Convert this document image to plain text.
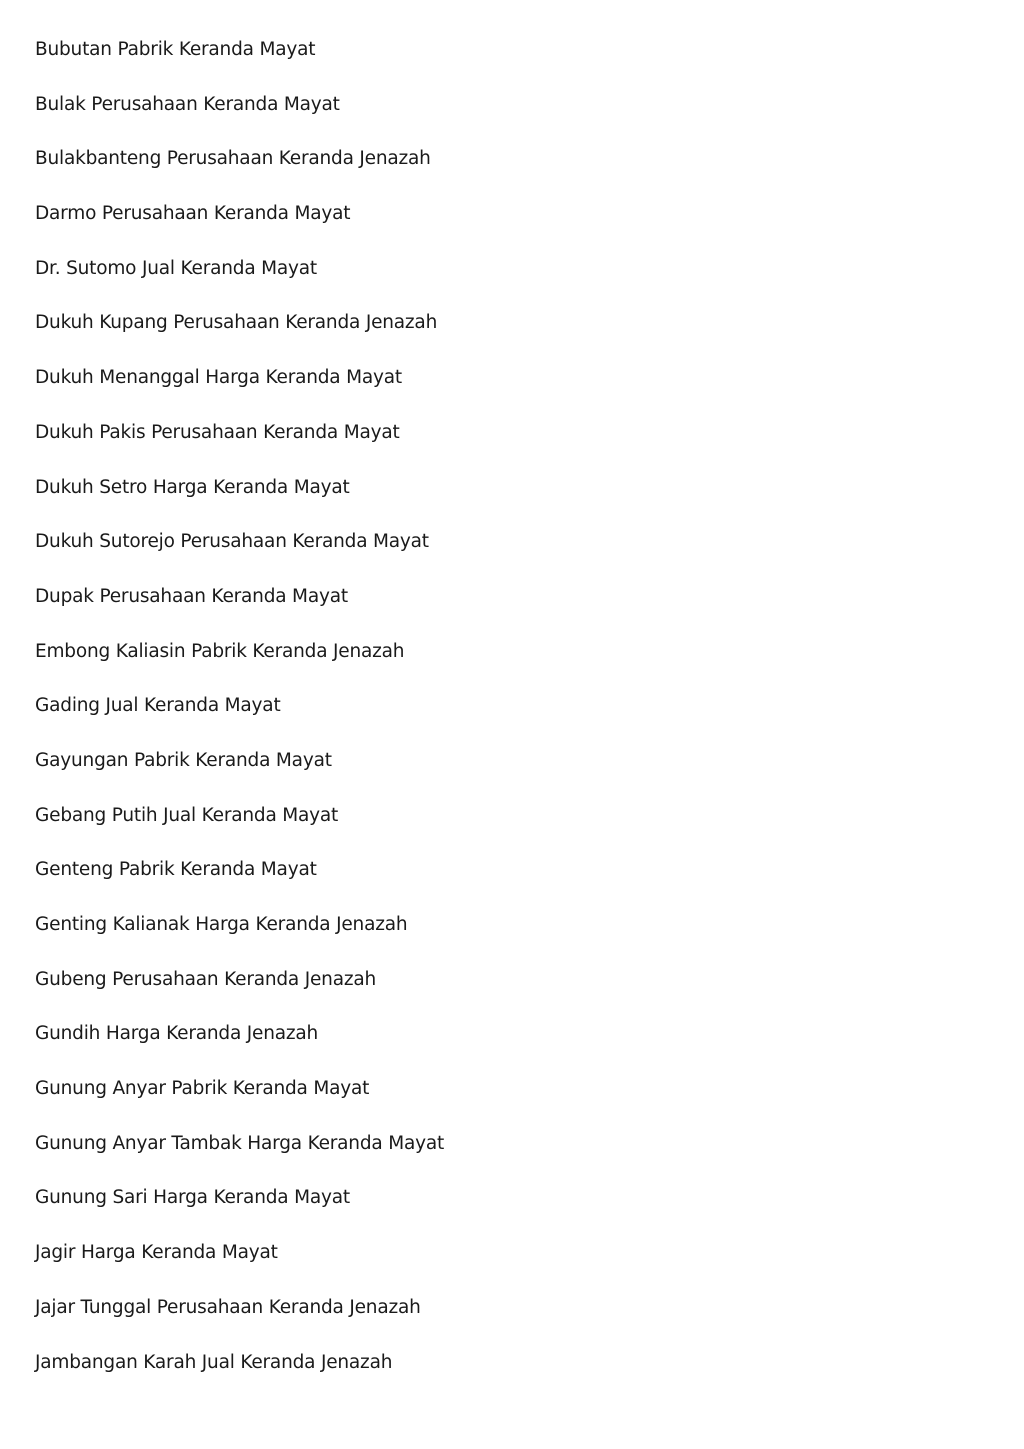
Bubutan Pabrik Keranda Mayat
Bulak Perusahaan Keranda Mayat
Bulakbanteng Perusahaan Keranda Jenazah
Darmo Perusahaan Keranda Mayat
Dr. Sutomo Jual Keranda Mayat
Dukuh Kupang Perusahaan Keranda Jenazah
Dukuh Menanggal Harga Keranda Mayat
Dukuh Pakis Perusahaan Keranda Mayat
Dukuh Setro Harga Keranda Mayat
Dukuh Sutorejo Perusahaan Keranda Mayat
Dupak Perusahaan Keranda Mayat
Embong Kaliasin Pabrik Keranda Jenazah
Gading Jual Keranda Mayat
Gayungan Pabrik Keranda Mayat
Gebang Putih Jual Keranda Mayat
Genteng Pabrik Keranda Mayat
Genting Kalianak Harga Keranda Jenazah
Gubeng Perusahaan Keranda Jenazah
Gundih Harga Keranda Jenazah
Gunung Anyar Pabrik Keranda Mayat
Gunung Anyar Tambak Harga Keranda Mayat
Gunung Sari Harga Keranda Mayat
Jagir Harga Keranda Mayat
Jajar Tunggal Perusahaan Keranda Jenazah
Jambangan Karah Jual Keranda Jenazah
